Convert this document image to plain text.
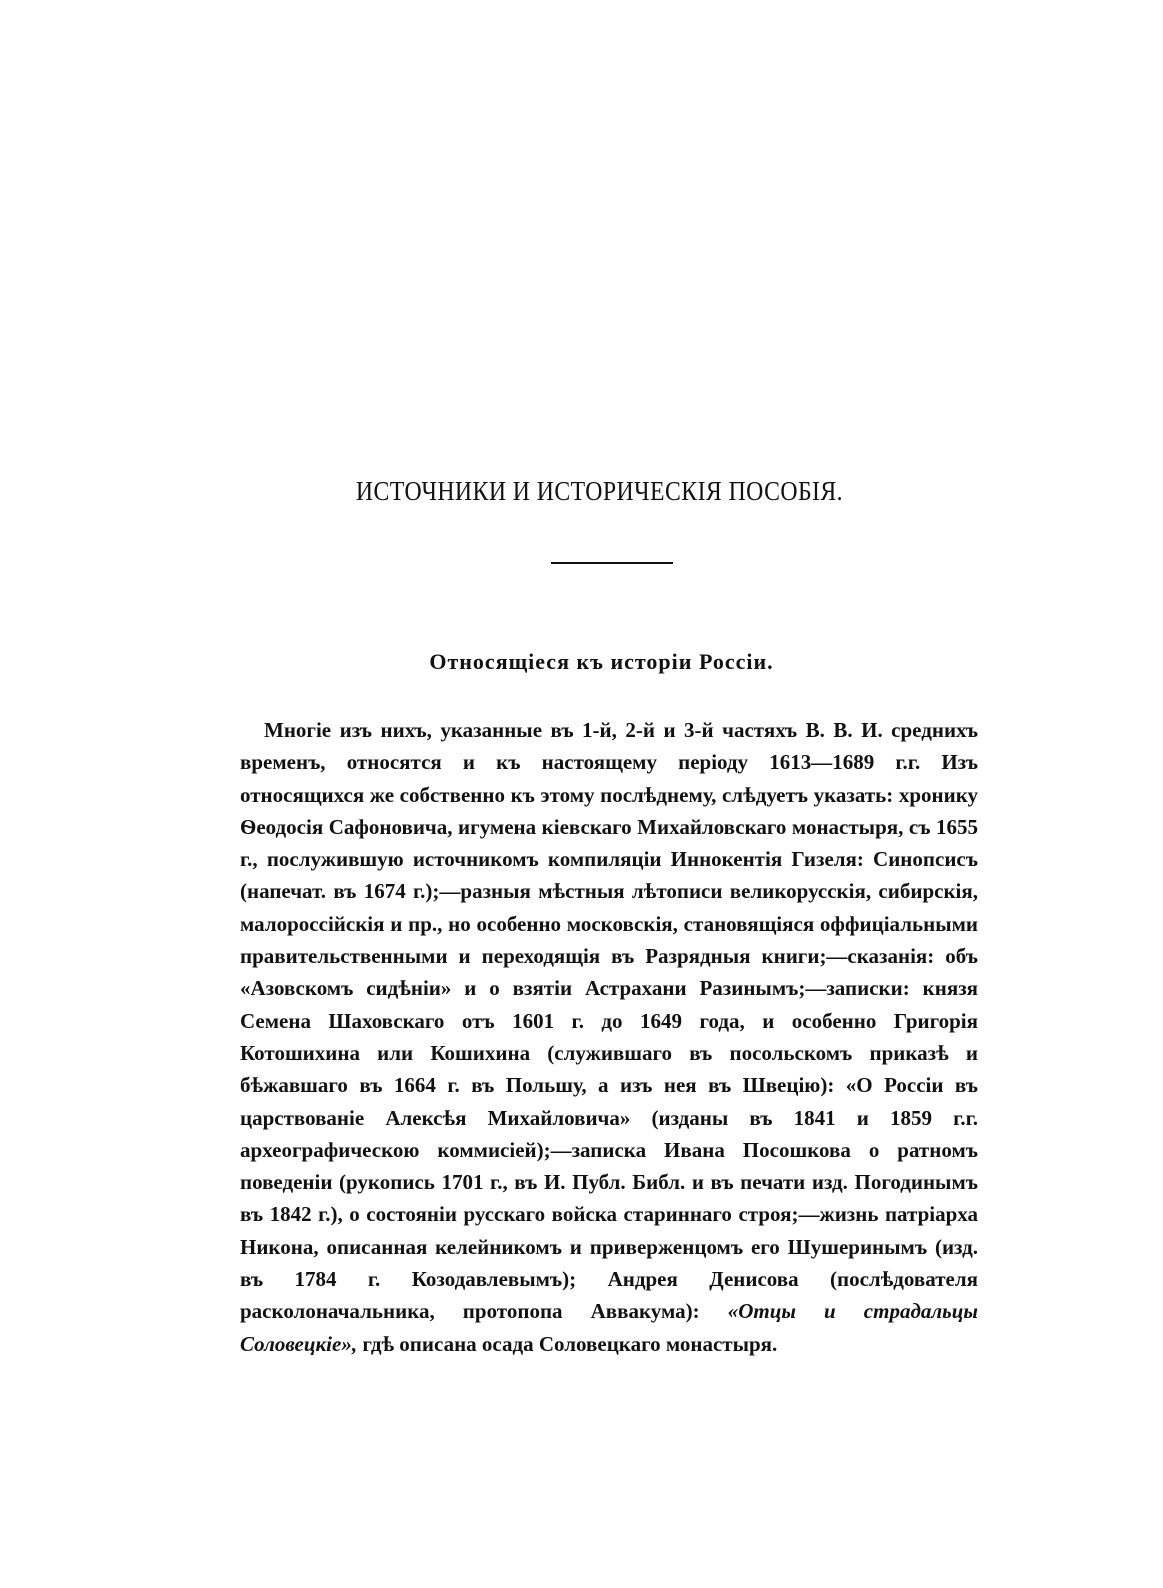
ИСТОЧНИКИ И ИСТОРИЧЕСКІЯ ПОСОБІЯ.
Относящіеся къ исторіи Россіи.

Многіе изъ нихъ, указанные въ 1-й, 2-й и 3-й частяхъ В. В. И. среднихъ временъ, относятся и къ настоящему періоду 1613—1689 г.г. Изъ относящихся же собственно къ этому послѣднему, слѣдуетъ указать: хронику Ѳеодосія Сафоновича, игумена кіевскаго Михайловскаго монастыря, съ 1655 г., послужившую источникомъ компиляціи Иннокентія Гизеля: Синопсисъ (напечат. въ 1674 г.);—разныя мѣстныя лѣтописи великорусскія, сибирскія, малороссійскія и пр., но особенно московскія, становящіяся оффиціальными правительственными и переходящія въ Разрядныя книги;—сказанія: объ «Азовскомъ сидѣніи» и о взятіи Астрахани Разинымъ;—записки: князя Семена Шаховскаго отъ 1601 г. до 1649 года, и особенно Григорія Котошихина или Кошихина (служившаго въ посольскомъ приказѣ и бѣжавшаго въ 1664 г. въ Польшу, а изъ нея въ Швецію): «О Россіи въ царствованіе Алексѣя Михайловича» (изданы въ 1841 и 1859 г.г. археографическою коммисіей);—записка Ивана Посошкова о ратномъ поведеніи (рукопись 1701 г., въ И. Публ. Библ. и въ печати изд. Погодинымъ въ 1842 г.), о состояніи русскаго войска стариннаго строя;—жизнь патріарха Никона, описанная келейникомъ и приверженцомъ его Шушеринымъ (изд. въ 1784 г. Козодавлевымъ); Андрея Денисова (послѣдователя расколоначальника, протопопа Аввакума): «Отцы и страдальцы Соловецкіе», гдѣ описана осада Соловецкаго монастыря.
